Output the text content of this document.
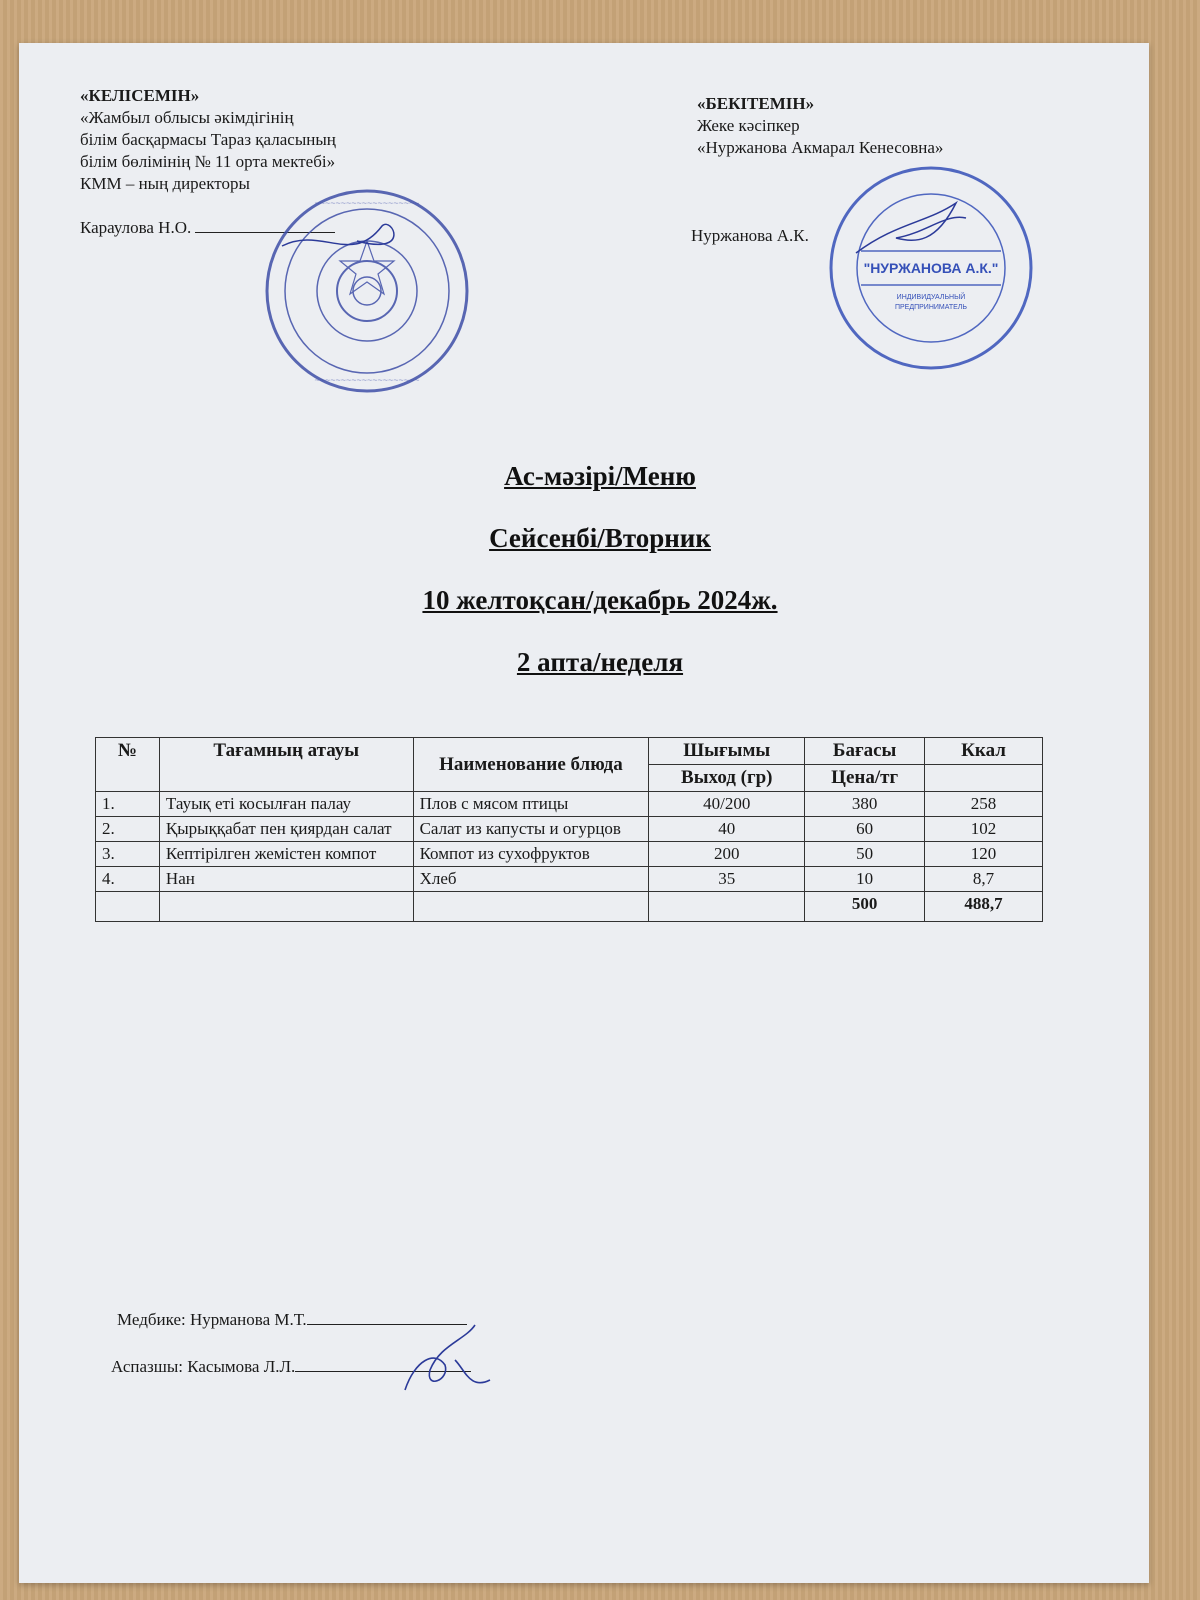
«КЕЛІСЕМІН»
«Жамбыл облысы әкімдігінің
білім басқармасы Тараз қаласының
білім бөлімінің № 11 орта мектебі»
КММ – ның директоры
Караулова Н.О.
«БЕКІТЕМІН»
Жеке кәсіпкер
«Нуржанова Акмарал Кенесовна»
Нуржанова А.К.
~~~~~~~~~~~~~~~~~~~~
~~~~~~~~~~~~~~~~~~~~
"НУРЖАНОВА А.К."
ИНДИВИДУАЛЬНЫЙ
ПРЕДПРИНИМАТЕЛЬ
Ас-мәзірі/Меню
Сейсенбі/Вторник
10 желтоқсан/декабрь 2024ж.
2 апта/неделя
№	Тағамның атауы	Наименование блюда	Шығымы	Бағасы	Ккал
			Выход (гр)	Цена/тг	
1.	Тауық еті косылған палау	Плов с мясом птицы	40/200	380	258
2.	Қырыққабат пен қиярдан салат	Салат из капусты и огурцов	40	60	102
3.	Кептірілген жемістен компот	Компот из сухофруктов	200	50	120
4.	Нан	Хлеб	35	10	8,7
				500	488,7
Медбике: Нурманова М.Т.
Аспазшы: Касымова Л.Л.
